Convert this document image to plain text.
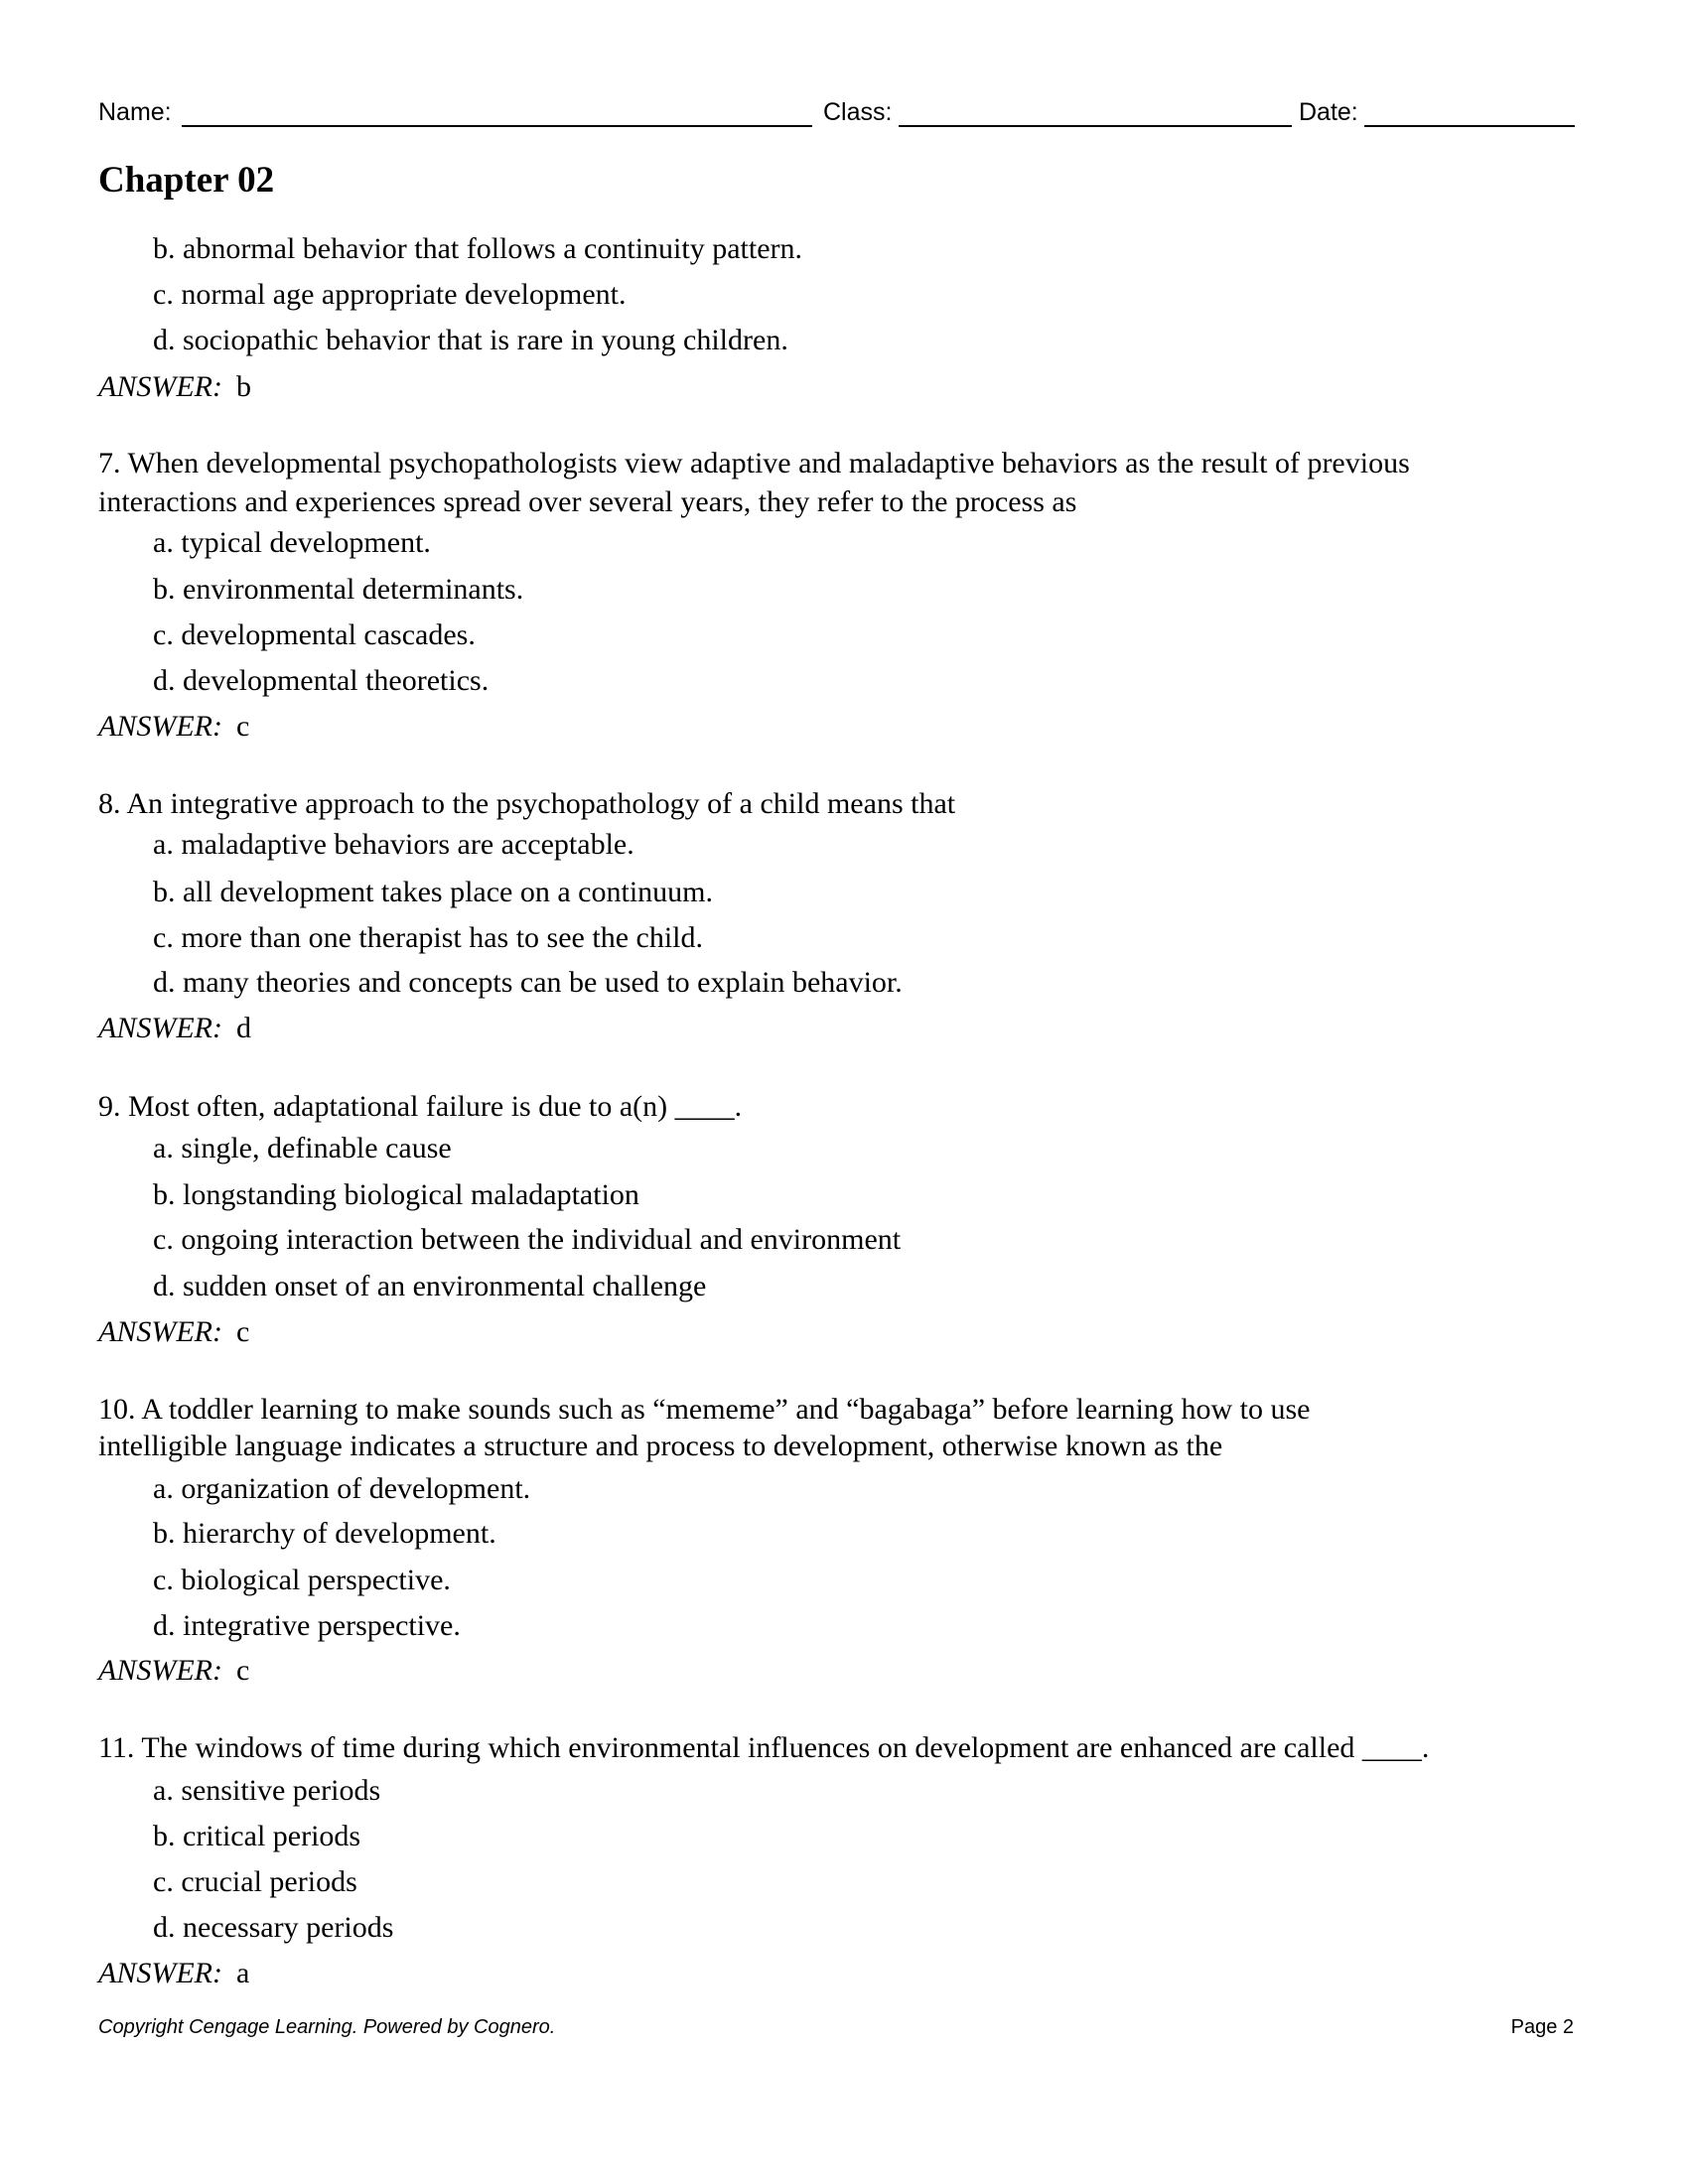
Name:	Class:	Date:
Chapter 02
b. abnormal behavior that follows a continuity pattern.
c. normal age appropriate development.
d. sociopathic behavior that is rare in young children.
ANSWER: b
7. When developmental psychopathologists view adaptive and maladaptive behaviors as the result of previous
interactions and experiences spread over several years, they refer to the process as
a. typical development.
b. environmental determinants.
c. developmental cascades.
d. developmental theoretics.
ANSWER: c
8. An integrative approach to the psychopathology of a child means that
a. maladaptive behaviors are acceptable.
b. all development takes place on a continuum.
c. more than one therapist has to see the child.
d. many theories and concepts can be used to explain behavior.
ANSWER: d
9. Most often, adaptational failure is due to a(n) ____.
a. single, definable cause
b. longstanding biological maladaptation
c. ongoing interaction between the individual and environment
d. sudden onset of an environmental challenge
ANSWER: c
10. A toddler learning to make sounds such as “mememe” and “bagabaga” before learning how to use
intelligible language indicates a structure and process to development, otherwise known as the
a. organization of development.
b. hierarchy of development.
c. biological perspective.
d. integrative perspective.
ANSWER: c
11. The windows of time during which environmental influences on development are enhanced are called ____.
a. sensitive periods
b. critical periods
c. crucial periods
d. necessary periods
ANSWER: a
Copyright Cengage Learning. Powered by Cognero.	Page 2
